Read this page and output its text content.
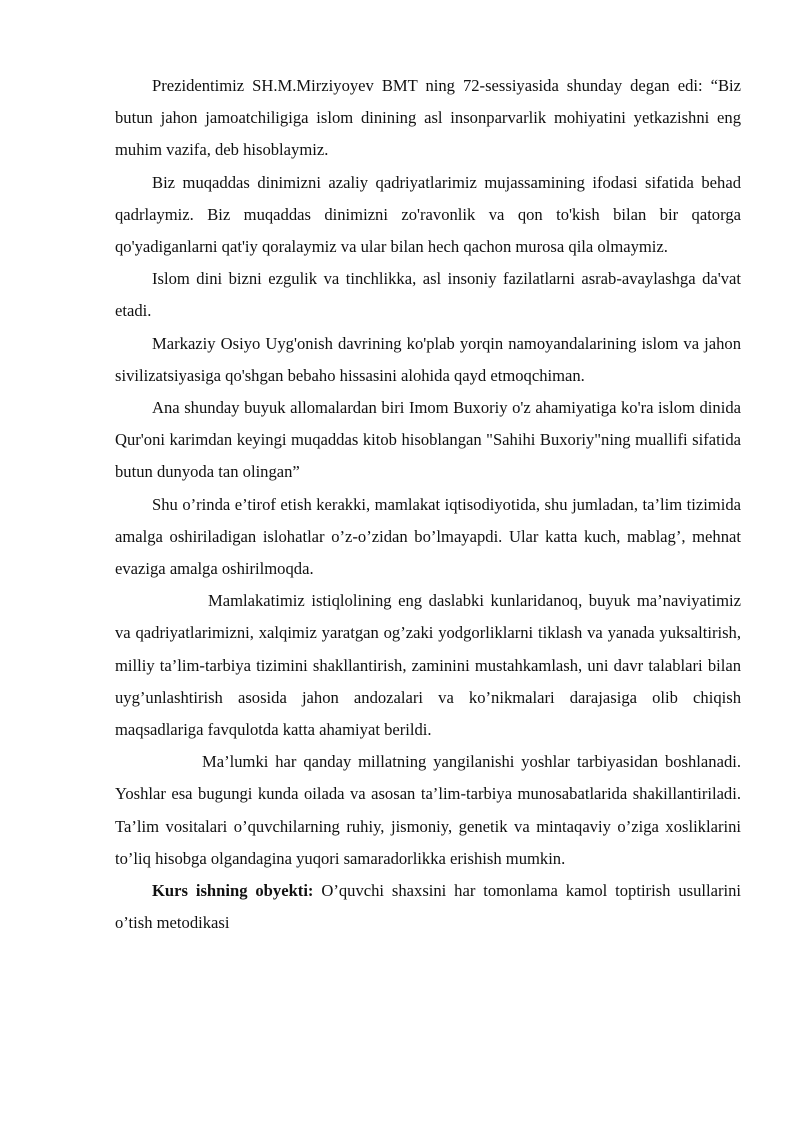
Prezidentimiz SH.M.Mirziyoyev BMT ning 72-sessiyasida shunday degan edi: “Biz butun jahon jamoatchiligiga islom dinining asl insonparvarlik mohiyatini yetkazishni eng muhim vazifa, deb hisoblaymiz.

Biz muqaddas dinimizni azaliy qadriyatlarimiz mujassamining ifodasi sifatida behad qadrlaymiz. Biz muqaddas dinimizni zo'ravonlik va qon to'kish bilan bir qatorga qo'yadiganlarni qat'iy qoralaymiz va ular bilan hech qachon murosa qila olmaymiz.

Islom dini bizni ezgulik va tinchlikka, asl insoniy fazilatlarni asrab-avaylashga da'vat etadi.

Markaziy Osiyo Uyg'onish davrining ko'plab yorqin namoyandalarining islom va jahon sivilizatsiyasiga qo'shgan bebaho hissasini alohida qayd etmoqchiman.

Ana shunday buyuk allomalardan biri Imom Buxoriy o'z ahamiyatiga ko'ra islom dinida Qur'oni karimdan keyingi muqaddas kitob hisoblangan "Sahihi Buxoriy"ning muallifi sifatida butun dunyoda tan olingan”

Shu o’rinda e’tirof etish kerakki, mamlakat iqtisodiyotida, shu jumladan, ta’lim tizimida amalga oshiriladigan islohatlar o’z-o’zidan bo’lmayapdi. Ular katta kuch, mablag’, mehnat evaziga amalga oshirilmoqda.

Mamlakatimiz istiqlolining eng daslabki kunlaridanoq, buyuk ma’naviyatimiz va qadriyatlarimizni, xalqimiz yaratgan og’zaki yodgorliklarni tiklash va yanada yuksaltirish, milliy ta’lim-tarbiya tizimini shakllantirish, zaminini mustahkamlash, uni davr talablari bilan uyg’unlashtirish asosida jahon andozalari va ko’nikmalari darajasiga olib chiqish maqsadlariga favqulotda katta ahamiyat berildi.

Ma’lumki har qanday millatning yangilanishi yoshlar tarbiyasidan boshlanadi. Yoshlar esa bugungi kunda oilada va asosan ta’lim-tarbiya munosabatlarida shakillantiriladi. Ta’lim vositalari o’quvchilarning ruhiy, jismoniy, genetik va mintaqaviy o’ziga xosliklarini to’liq hisobga olgandagina yuqori samaradorlikka erishish mumkin.

Kurs ishning obyekti: O’quvchi shaxsini har tomonlama kamol toptirish usullarini o’tish metodikasi
